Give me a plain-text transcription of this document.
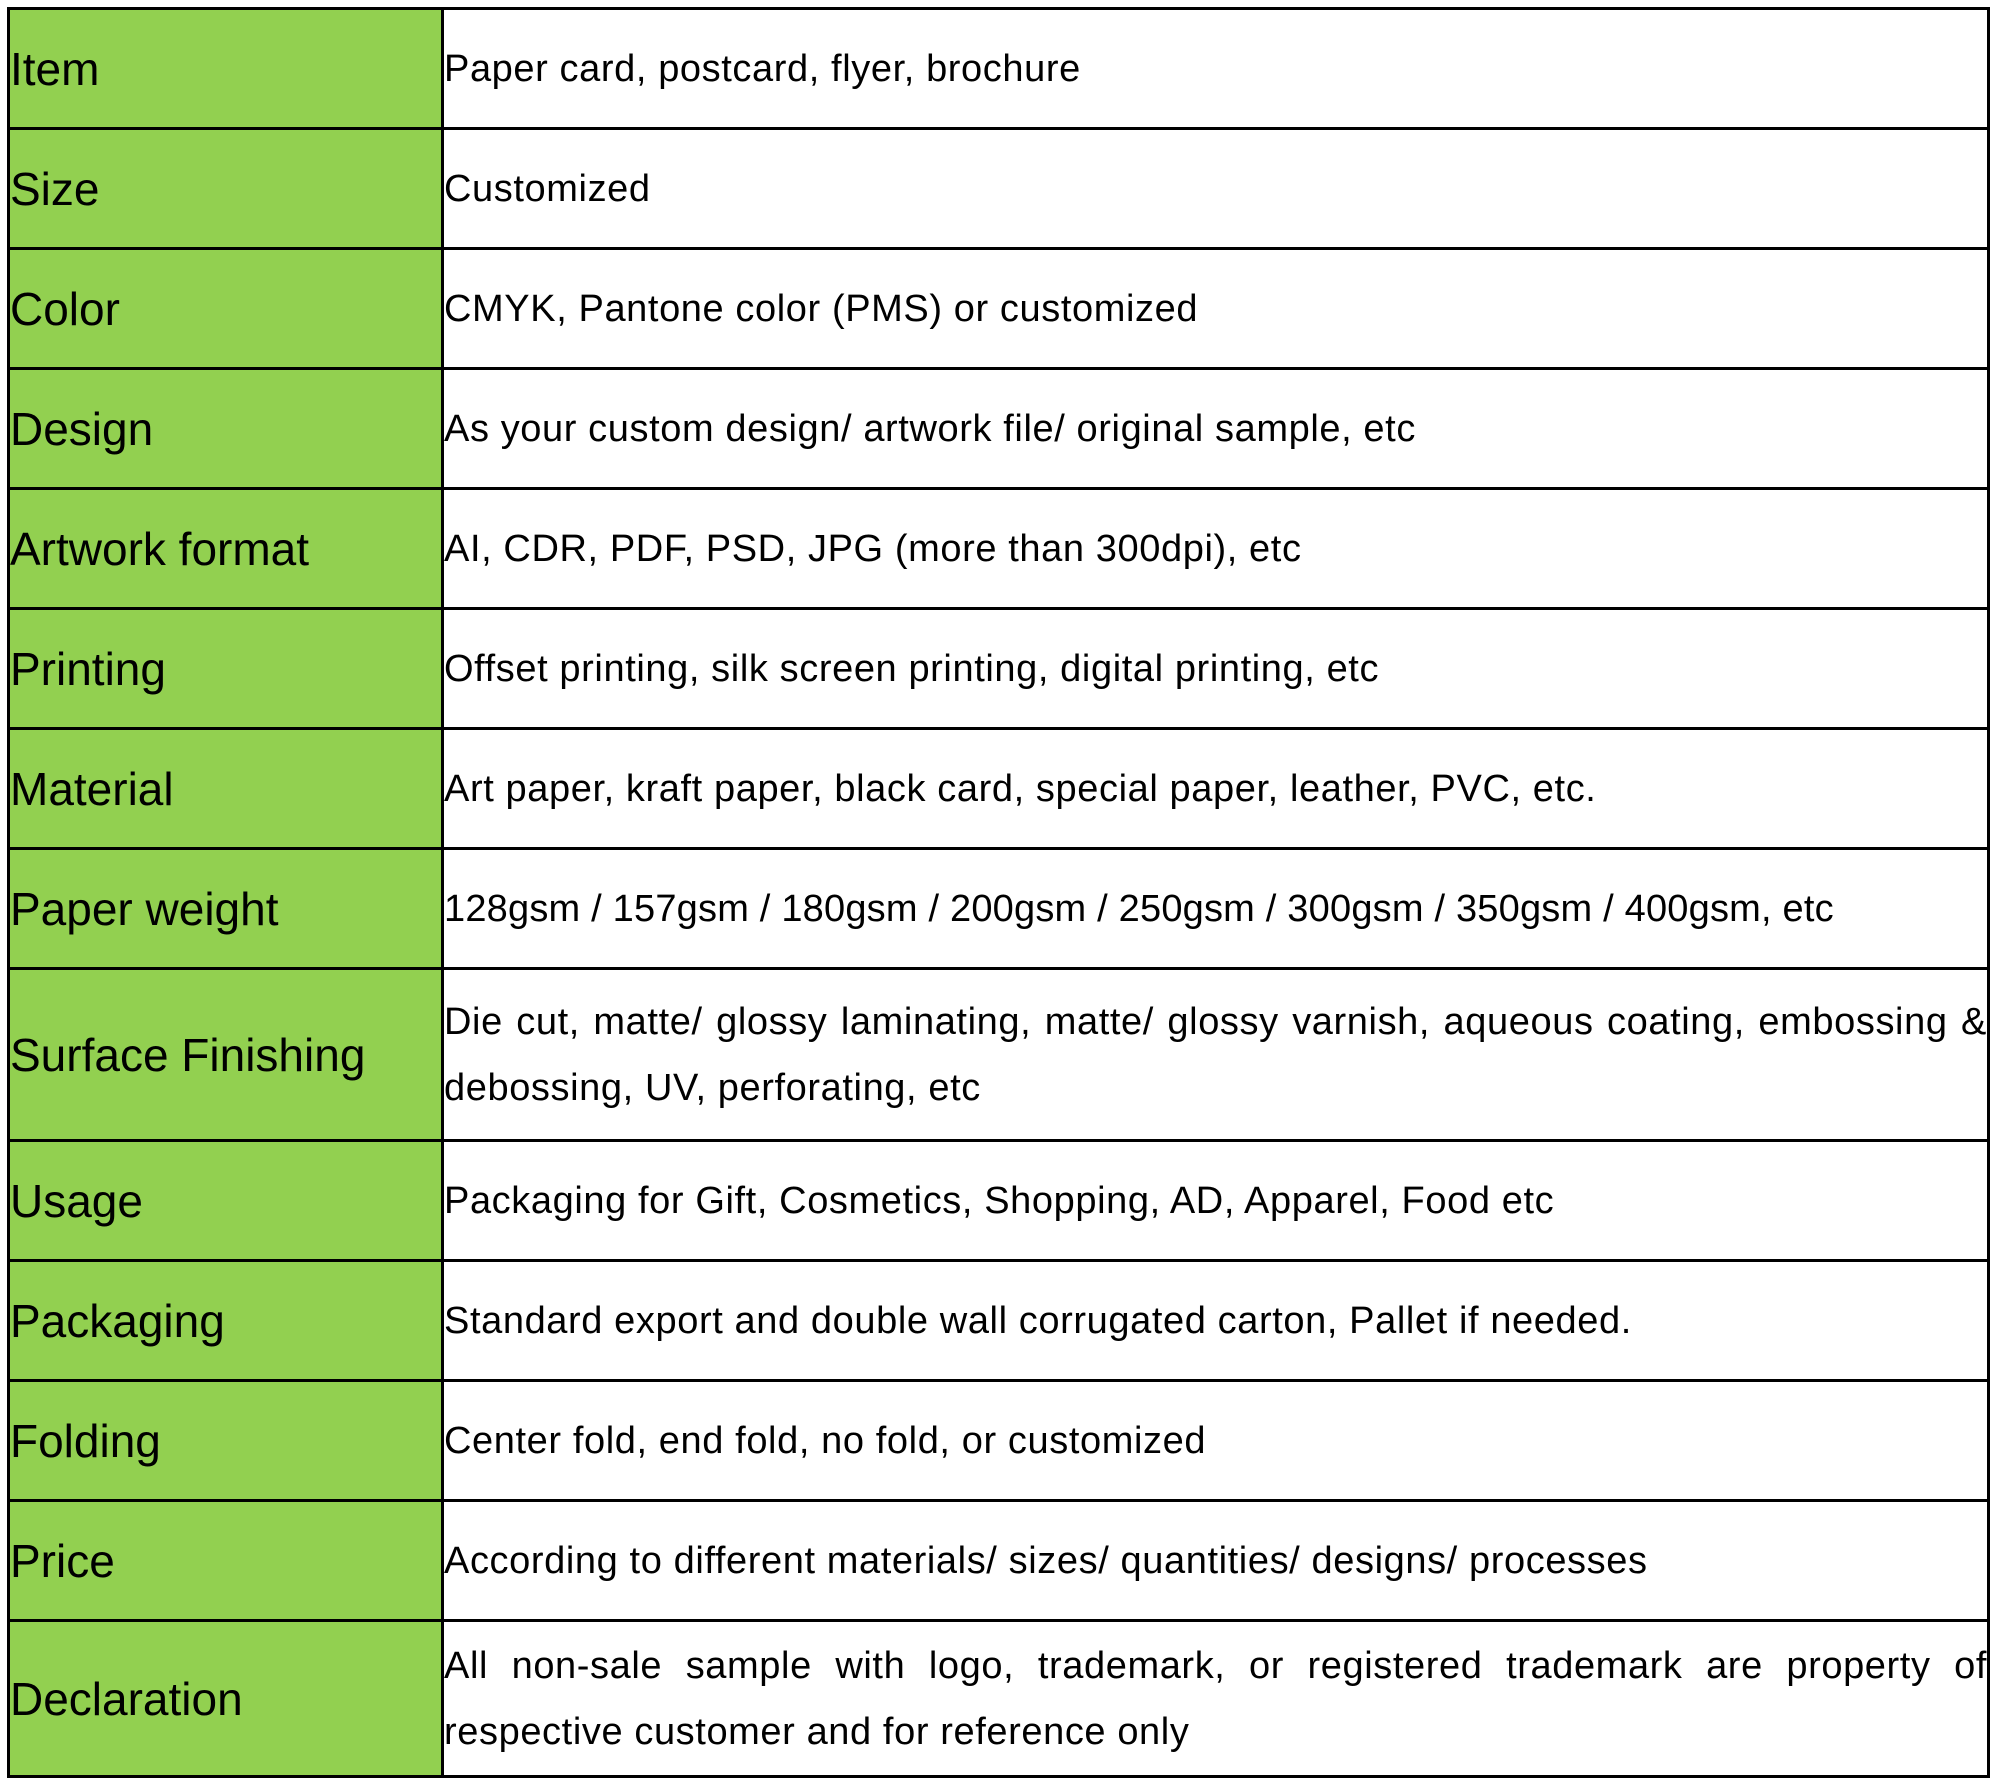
Item	Paper card, postcard, flyer, brochure
Size	Customized
Color	CMYK, Pantone color (PMS) or customized
Design	As your custom design/ artwork file/ original sample, etc
Artwork format	AI, CDR, PDF, PSD, JPG (more than 300dpi), etc
Printing	Offset printing, silk screen printing, digital printing, etc
Material	Art paper, kraft paper, black card, special paper, leather, PVC, etc.
Paper weight	128gsm / 157gsm / 180gsm / 200gsm / 250gsm / 300gsm / 350gsm / 400gsm, etc
Surface Finishing	Die cut, matte/ glossy laminating, matte/ glossy varnish, aqueous coating, embossing & debossing, UV, perforating, etc
Usage	Packaging for Gift, Cosmetics, Shopping, AD, Apparel, Food etc
Packaging	Standard export and double wall corrugated carton, Pallet if needed.
Folding	Center fold, end fold, no fold, or customized
Price	According to different materials/ sizes/ quantities/ designs/ processes
Declaration	All non-sale sample with logo, trademark, or registered trademark are property of respective customer and for reference only
